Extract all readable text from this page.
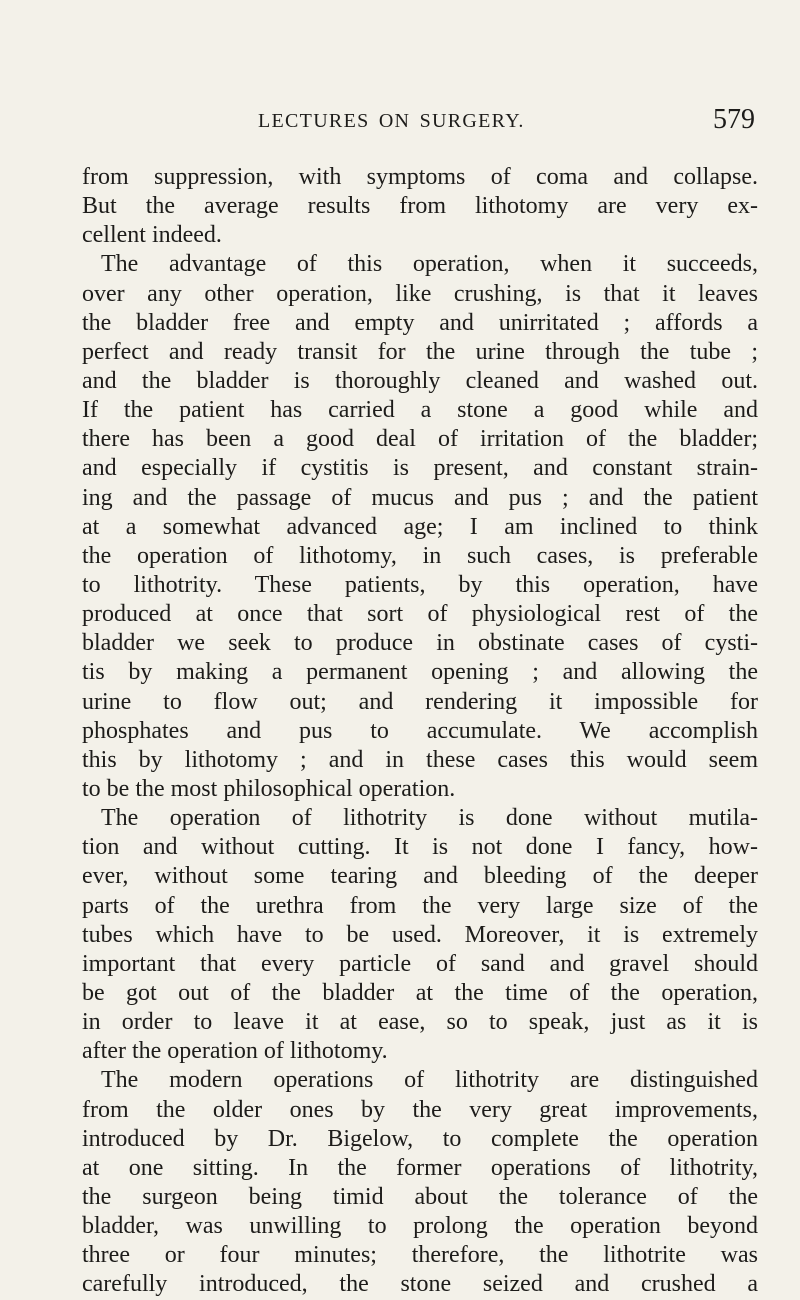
LECTURES ON SURGERY.	579
from suppression, with symptoms of coma and collapse.
But the average results from lithotomy are very ex-
cellent indeed.
The advantage of this operation, when it succeeds,
over any other operation, like crushing, is that it leaves
the bladder free and empty and unirritated ; affords a
perfect and ready transit for the urine through the tube ;
and the bladder is thoroughly cleaned and washed out.
If the patient has carried a stone a good while and
there has been a good deal of irritation of the bladder;
and especially if cystitis is present, and constant strain-
ing and the passage of mucus and pus ; and the patient
at a somewhat advanced age; I am inclined to think
the operation of lithotomy, in such cases, is preferable
to lithotrity. These patients, by this operation, have
produced at once that sort of physiological rest of the
bladder we seek to produce in obstinate cases of cysti-
tis by making a permanent opening ; and allowing the
urine to flow out; and rendering it impossible for
phosphates and pus to accumulate. We accomplish
this by lithotomy ; and in these cases this would seem
to be the most philosophical operation.
The operation of lithotrity is done without mutila-
tion and without cutting. It is not done I fancy, how-
ever, without some tearing and bleeding of the deeper
parts of the urethra from the very large size of the
tubes which have to be used. Moreover, it is extremely
important that every particle of sand and gravel should
be got out of the bladder at the time of the operation,
in order to leave it at ease, so to speak, just as it is
after the operation of lithotomy.
The modern operations of lithotrity are distinguished
from the older ones by the very great improvements,
introduced by Dr. Bigelow, to complete the operation
at one sitting. In the former operations of lithotrity,
the surgeon being timid about the tolerance of the
bladder, was unwilling to prolong the operation beyond
three or four minutes; therefore, the lithotrite was
carefully introduced, the stone seized and crushed a
